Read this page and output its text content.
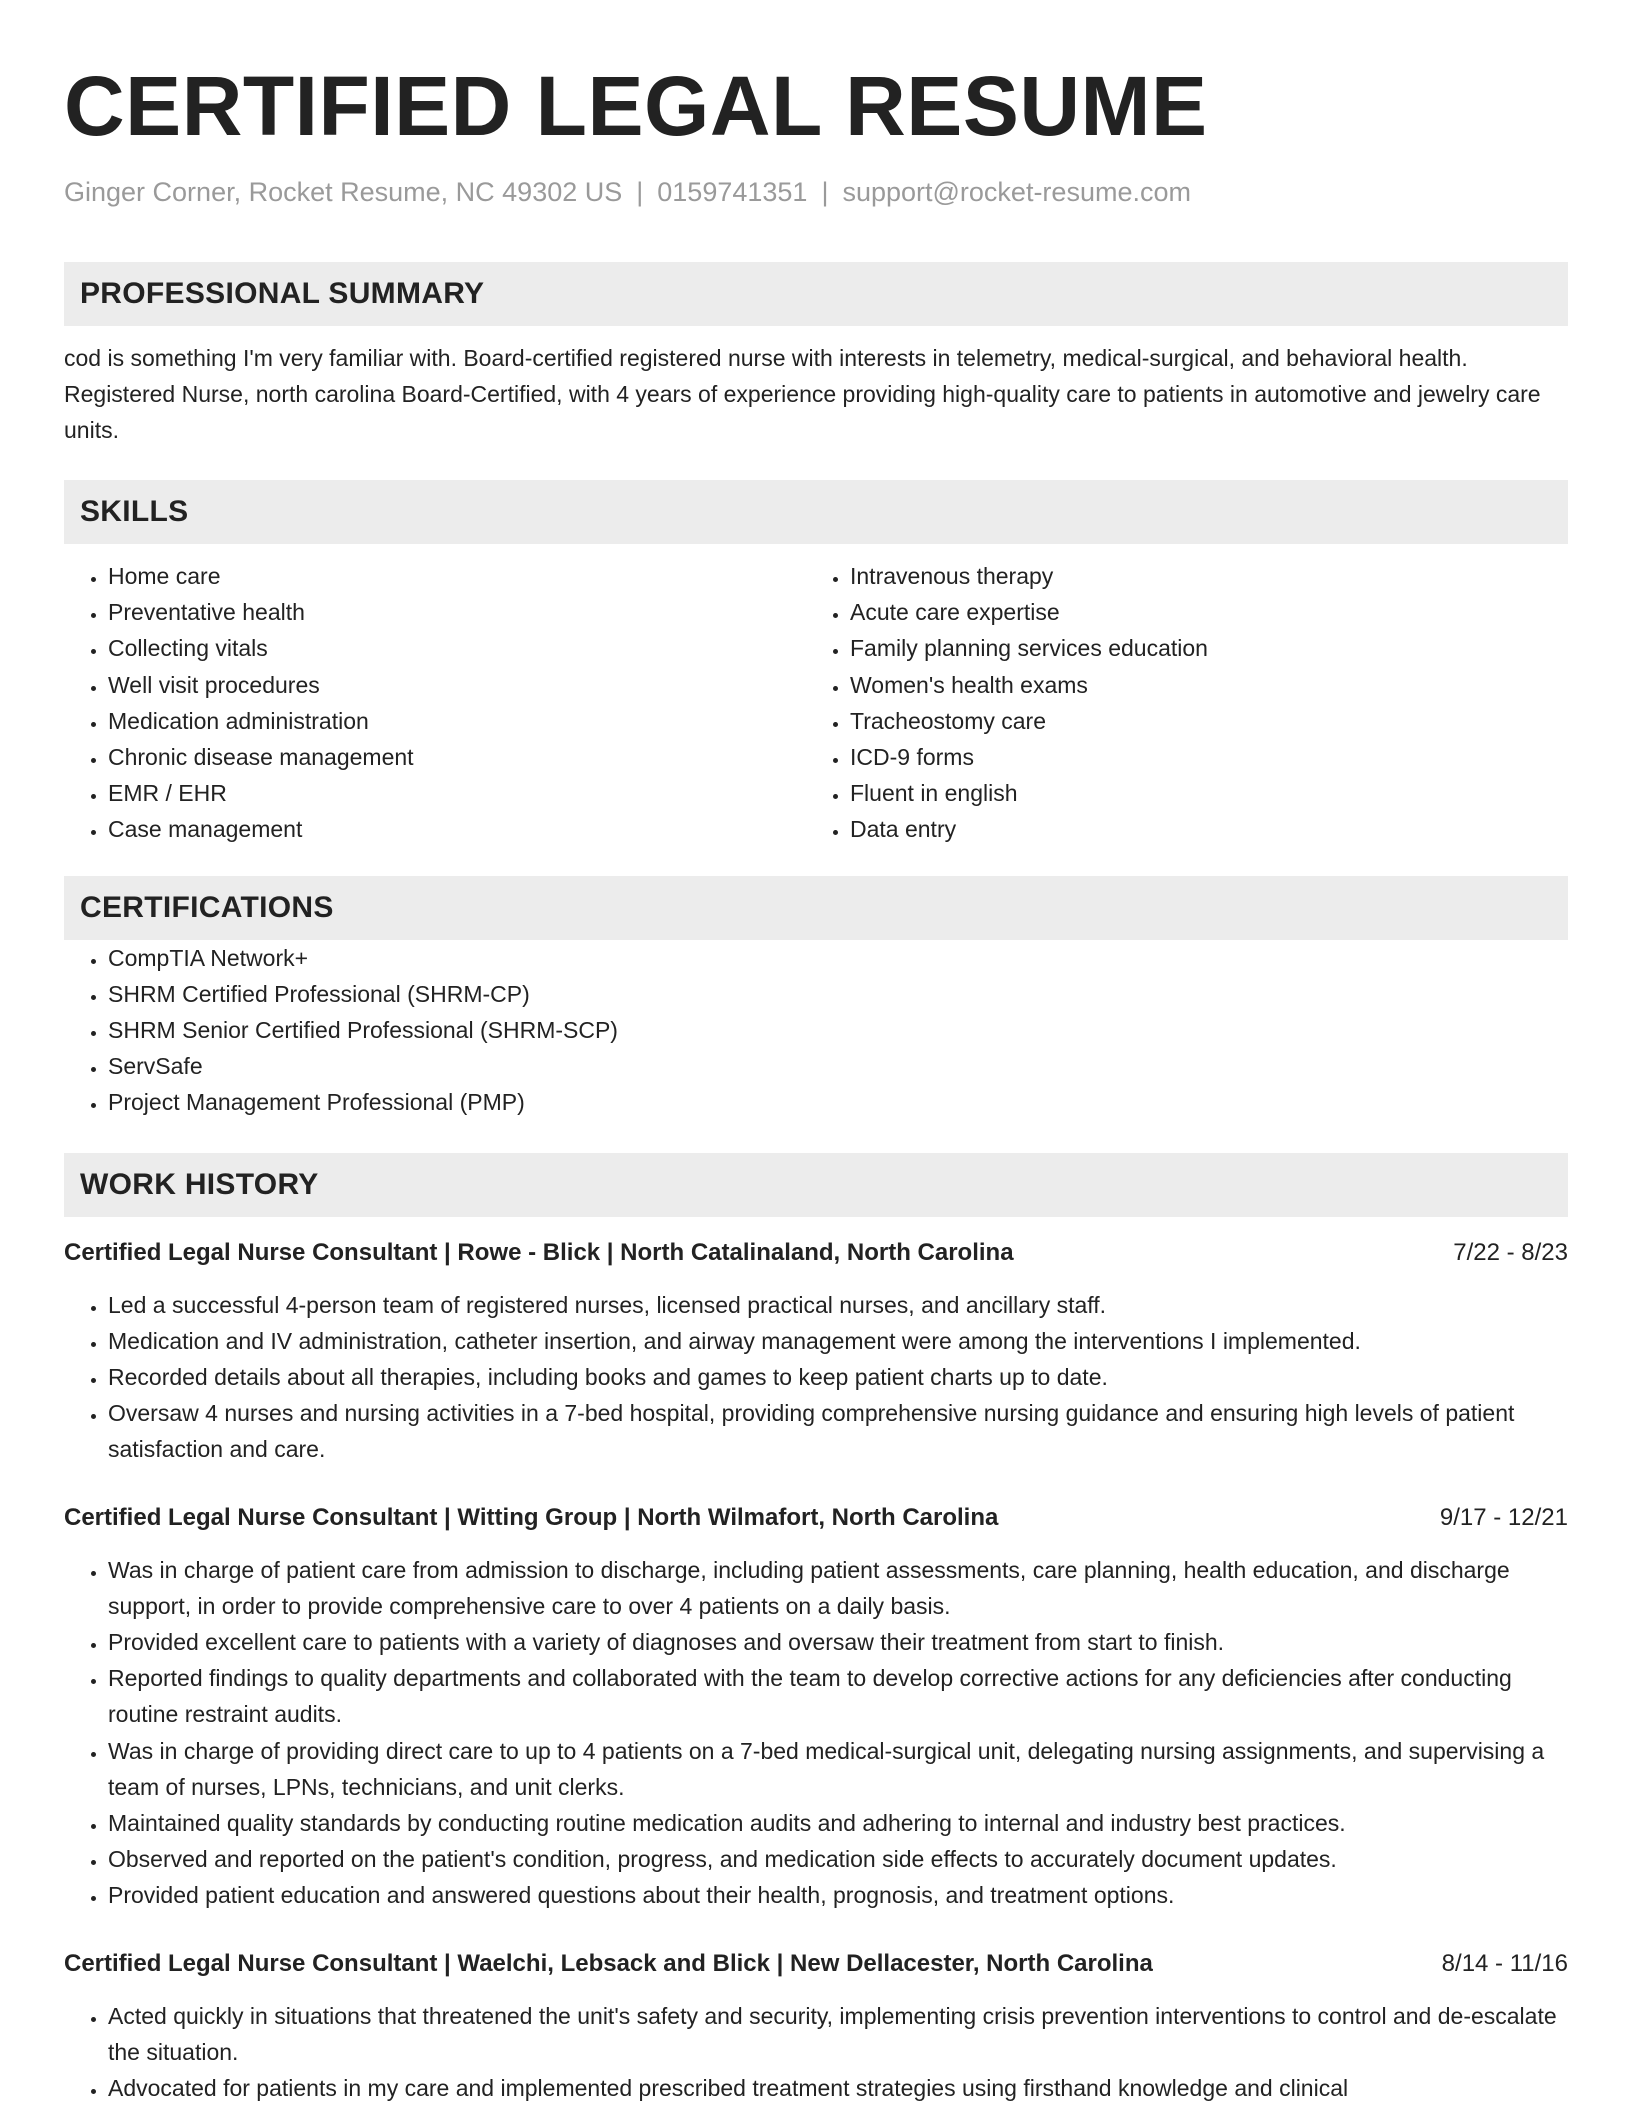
CERTIFIED LEGAL RESUME
Ginger Corner, Rocket Resume, NC 49302 US | 0159741351 | support@rocket-resume.com
PROFESSIONAL SUMMARY

cod is something I'm very familiar with. Board-certified registered nurse with interests in telemetry, medical-surgical, and behavioral health. Registered Nurse, north carolina Board-Certified, with 4 years of experience providing high-quality care to patients in automotive and jewelry care units.

SKILLS
• Home care
• Preventative health
• Collecting vitals
• Well visit procedures
• Medication administration
• Chronic disease management
• EMR / EHR
• Case management
• Intravenous therapy
• Acute care expertise
• Family planning services education
• Women's health exams
• Tracheostomy care
• ICD-9 forms
• Fluent in english
• Data entry
CERTIFICATIONS
• CompTIA Network+
• SHRM Certified Professional (SHRM-CP)
• SHRM Senior Certified Professional (SHRM-SCP)
• ServSafe
• Project Management Professional (PMP)
WORK HISTORY
Certified Legal Nurse Consultant | Rowe - Blick | North Catalinaland, North Carolina	7/22 - 8/23
• Led a successful 4-person team of registered nurses, licensed practical nurses, and ancillary staff.
• Medication and IV administration, catheter insertion, and airway management were among the interventions I implemented.
• Recorded details about all therapies, including books and games to keep patient charts up to date.
• Oversaw 4 nurses and nursing activities in a 7-bed hospital, providing comprehensive nursing guidance and ensuring high levels of patient satisfaction and care.
Certified Legal Nurse Consultant | Witting Group | North Wilmafort, North Carolina	9/17 - 12/21
• Was in charge of patient care from admission to discharge, including patient assessments, care planning, health education, and discharge support, in order to provide comprehensive care to over 4 patients on a daily basis.
• Provided excellent care to patients with a variety of diagnoses and oversaw their treatment from start to finish.
• Reported findings to quality departments and collaborated with the team to develop corrective actions for any deficiencies after conducting routine restraint audits.
• Was in charge of providing direct care to up to 4 patients on a 7-bed medical-surgical unit, delegating nursing assignments, and supervising a team of nurses, LPNs, technicians, and unit clerks.
• Maintained quality standards by conducting routine medication audits and adhering to internal and industry best practices.
• Observed and reported on the patient's condition, progress, and medication side effects to accurately document updates.
• Provided patient education and answered questions about their health, prognosis, and treatment options.
Certified Legal Nurse Consultant | Waelchi, Lebsack and Blick | New Dellacester, North Carolina	8/14 - 11/16
• Acted quickly in situations that threatened the unit's safety and security, implementing crisis prevention interventions to control and de-escalate the situation.
• Advocated for patients in my care and implemented prescribed treatment strategies using firsthand knowledge and clinical
